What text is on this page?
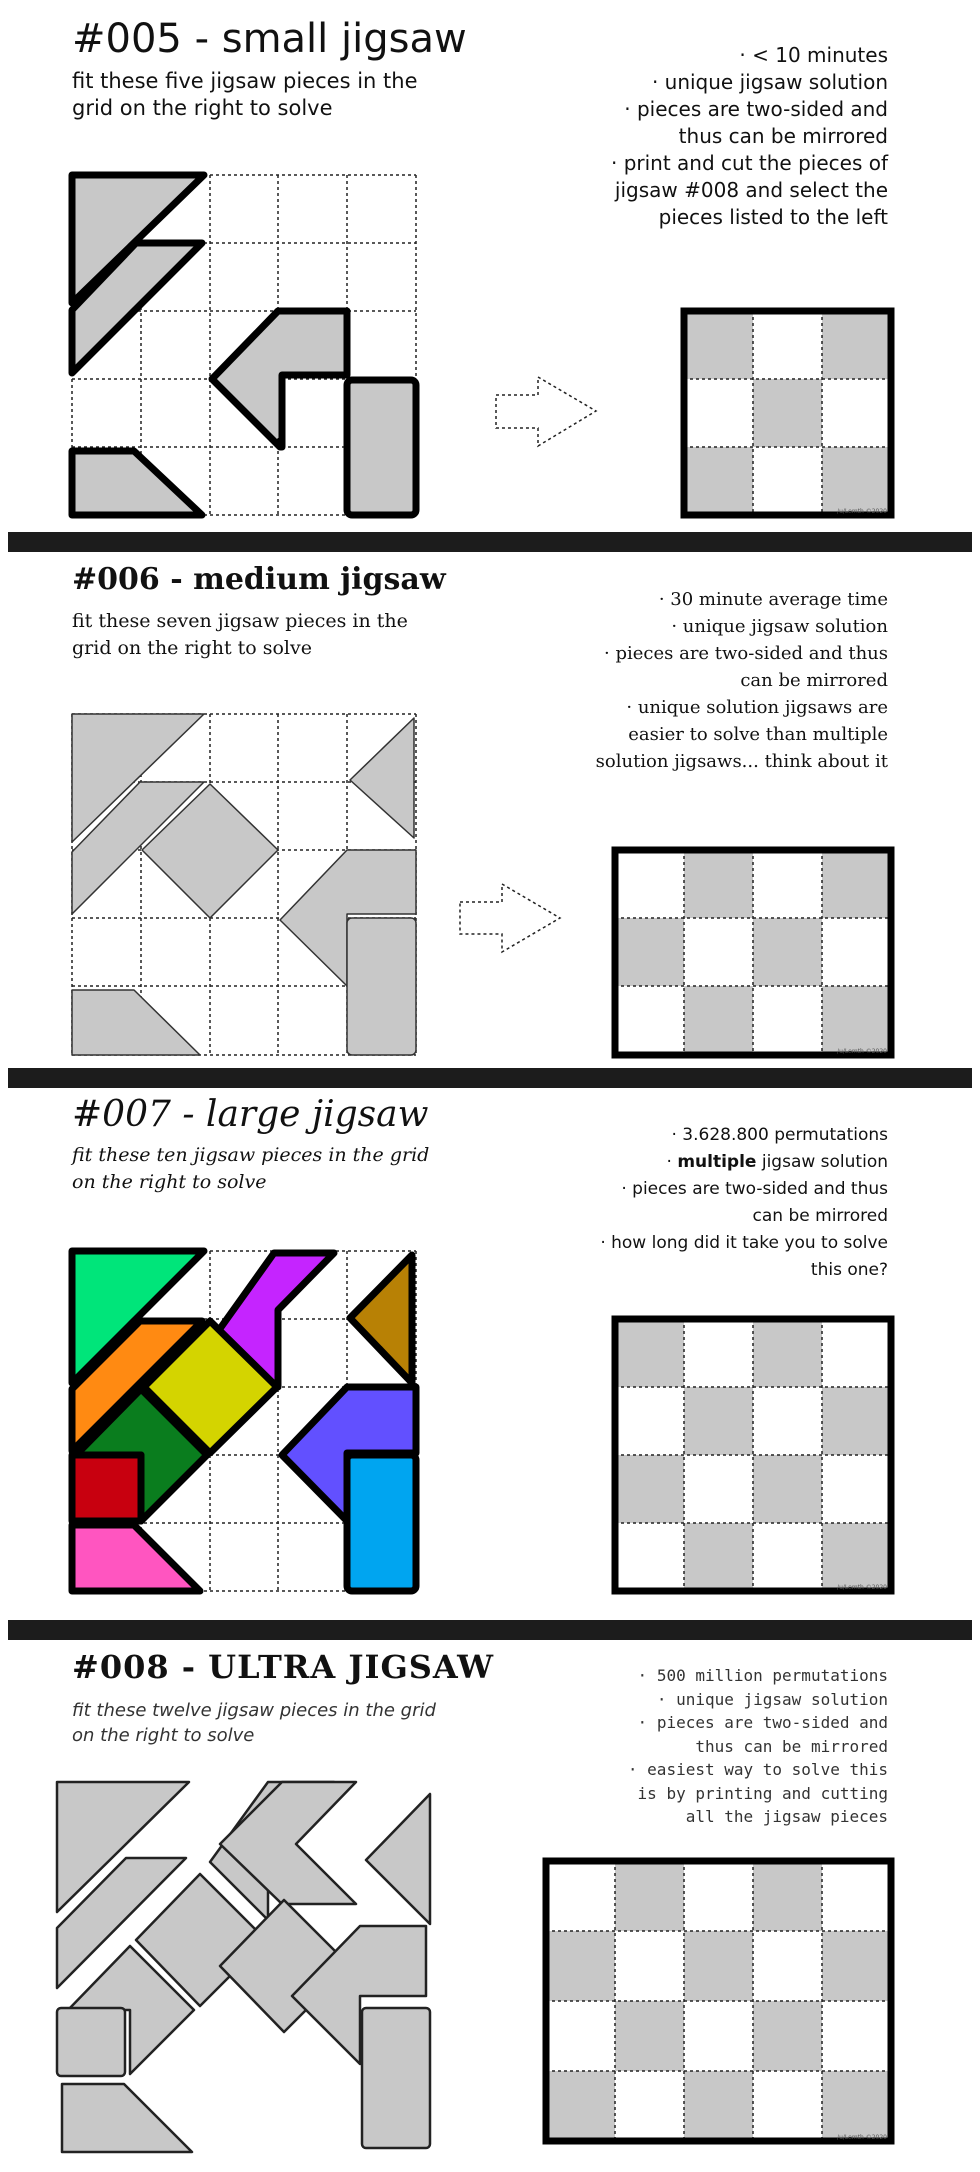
#005 - small jigsaw

fit these five jigsaw pieces in the grid on the right to solve

· < 10 minutes
· unique jigsaw solution
· pieces are two-sided and
thus can be mirrored
· print and cut the pieces of
jigsaw #008 and select the
pieces listed to the left
/u/Lemth ©2020
#006 - medium jigsaw

fit these seven jigsaw pieces in the grid on the right to solve

· 30 minute average time
· unique jigsaw solution
· pieces are two-sided and thus
can be mirrored
· unique solution jigsaws are
easier to solve than multiple
solution jigsaws... think about it
/u/Lemth ©2020
#007 - large jigsaw

fit these ten jigsaw pieces in the grid on the right to solve

· 3.628.800 permutations
· multiple jigsaw solution
· pieces are two-sided and thus
can be mirrored
· how long did it take you to solve
this one?
/u/Lemth ©2020
#008 - ULTRA JIGSAW

fit these twelve jigsaw pieces in the grid on the right to solve

· 500 million permutations
· unique jigsaw solution
· pieces are two-sided and
thus can be mirrored
· easiest way to solve this
is by printing and cutting
all the jigsaw pieces
/u/Lemth ©2020
